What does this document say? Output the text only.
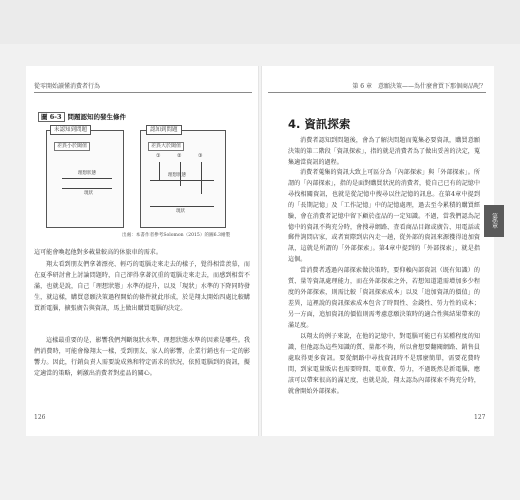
從零開始讀懂消費者行為	第 6 章　意願決策——為什麼會買下那個商品呢？
圖 6-3 問題認知的發生條件
未認知到問題
差異小於閾值
理想狀態
現狀
認知到問題
差異大於閾值
①	②	③
理想狀態
現狀
出處：本書作者參考Solomon（2015）的圖6.3繪製

這可能會喚起他對多載量較高的休旅車的需求。

翔太看到朋友們拿著漂亮、輕巧的電腦走來走去的樣子，覺得相當羨慕，而在夏季研討會上討論問題時，自己卻得拿著沉重的電腦走來走去，而感到相當不滿，也就是說，自己「理想狀態」水準的提升，以及「現狀」水準的下降同時發生，就這樣，購買意願決策過程開始的條件就此形成，於是翔太開始四處比較購買新電腦，擴張廣告與資訊，馬上做出購買電腦的決定。

這樣最重要的是，影響我們判斷現狀水準、理想狀態水準的因素是哪些。我們消費時，可能會像翔太一樣，受到朋友、家人的影響，企業行銷也有一定的影響力。因此，行銷負責人需要說成熟和特定需求的狀況，依照電腦到的資訊，擬定適當的策略，刺激出消費者對產品的關心。

126
4. 資訊探索

消費者認知到問題後，會為了解決問題而蒐集必要資訊，購買意願決策的第二階段「資訊探索」，指的就是消費者為了做出妥善的決定，蒐集適當資訊的過程。

消費者蒐集的資訊大致上可區分為「內部探索」與「外部探索」。所謂的「內部探索」，指的是面對購買狀況的消費者，從自己已有的記憶中尋找相關資訊，也就是從記憶中搜尋以往記憶的訊息。在第4章中提到的「長期記憶」及「工作記憶」中的記憶處理，過去至今累積的購買經驗，會在消費者記憶中留下顧於產品的一定知識。不過，當我們認為記憶中的資訊不夠充分時，會搜尋網路、査看商品目錄或廣告、用電話或郵件詢問店家，或者實際到店內走一趟，從外部的資訊來源獲得追加資訊，這就是所謂的「外部探索」。第4章中提到的「外部探索」，就是指這個。

當消費者透過內部探索做決策時，要仰賴內部資訊（既有知識）的質、量等資訊處理能力，而在外部探索之外，若想知道還需增加多少程度的外部探索，則需比較「資訊探索成本」以及「追加資訊的價值」的差異，這裡說的資訊探索成本包含了時間性、金錢性、勞力性的成本；另一方面，追加資訊的價值則需考慮意願決策時的適合性與結果帶來的滿足度。

以翔太的例子來說，在他的記憶中，對電腦可能已有某種程度的知識，但他認為這些知識的質、量都不夠，所以會想要翻閱網路、銷售員處取得更多資訊。要從網路中尋找資訊時不是那麼簡單，需要花費時間，到家電量販店也需要時間、電車費、勞力，不過既然是新電腦，應該可以帶來很高的滿足度，也就是說，翔太認為內部探索不夠充分時，就會開始外部探索。

第6章
127
